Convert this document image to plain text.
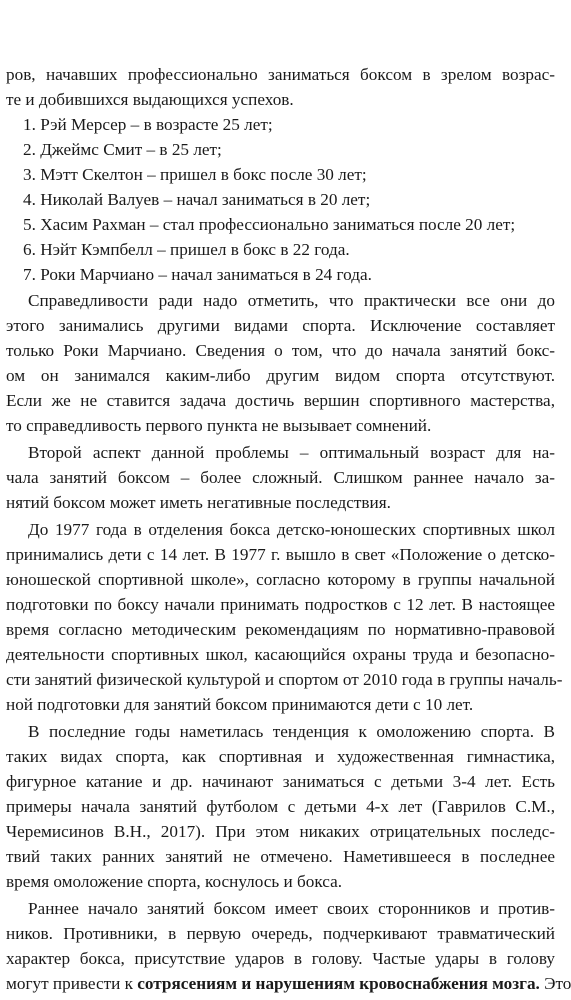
ров, начавших профессионально заниматься боксом в зрелом возрас-
те и добившихся выдающихся успехов.
1. Рэй Мерсер – в возрасте 25 лет;
2. Джеймс Смит – в 25 лет;
3. Мэтт Скелтон – пришел в бокс после 30 лет;
4. Николай Валуев – начал заниматься в 20 лет;
5. Хасим Рахман – стал профессионально заниматься после 20 лет;
6. Нэйт Кэмпбелл – пришел в бокс в 22 года.
7. Роки Марчиано – начал заниматься в 24 года.
Справедливости ради надо отметить, что практически все они до
этого занимались другими видами спорта. Исключение составляет
только Роки Марчиано. Сведения о том, что до начала занятий бокс-
ом он занимался каким-либо другим видом спорта отсутствуют.
Если же не ставится задача достичь вершин спортивного мастерства,
то справедливость первого пункта не вызывает сомнений.
Второй аспект данной проблемы – оптимальный возраст для на-
чала занятий боксом – более сложный. Слишком раннее начало за-
нятий боксом может иметь негативные последствия.
До 1977 года в отделения бокса детско-юношеских спортивных школ
принимались дети с 14 лет. В 1977 г. вышло в свет «Положение о детско-
юношеской спортивной школе», согласно которому в группы начальной
подготовки по боксу начали принимать подростков с 12 лет. В настоящее
время согласно методическим рекомендациям по нормативно-правовой
деятельности спортивных школ, касающийся охраны труда и безопасно-
сти занятий физической культурой и спортом от 2010 года в группы началь-
ной подготовки для занятий боксом принимаются дети с 10 лет.
В последние годы наметилась тенденция к омоложению спорта. В
таких видах спорта, как спортивная и художественная гимнастика,
фигурное катание и др. начинают заниматься с детьми 3-4 лет. Есть
примеры начала занятий футболом с детьми 4-х лет (Гаврилов С.М.,
Черемисинов В.Н., 2017). При этом никаких отрицательных последс-
твий таких ранних занятий не отмечено. Наметившееся в последнее
время омоложение спорта, коснулось и бокса.
Раннее начало занятий боксом имеет своих сторонников и против-
ников. Противники, в первую очередь, подчеркивают травматический
характер бокса, присутствие ударов в голову. Частые удары в голову
могут привести к сотрясениям и нарушениям кровоснабжения мозга. Это
